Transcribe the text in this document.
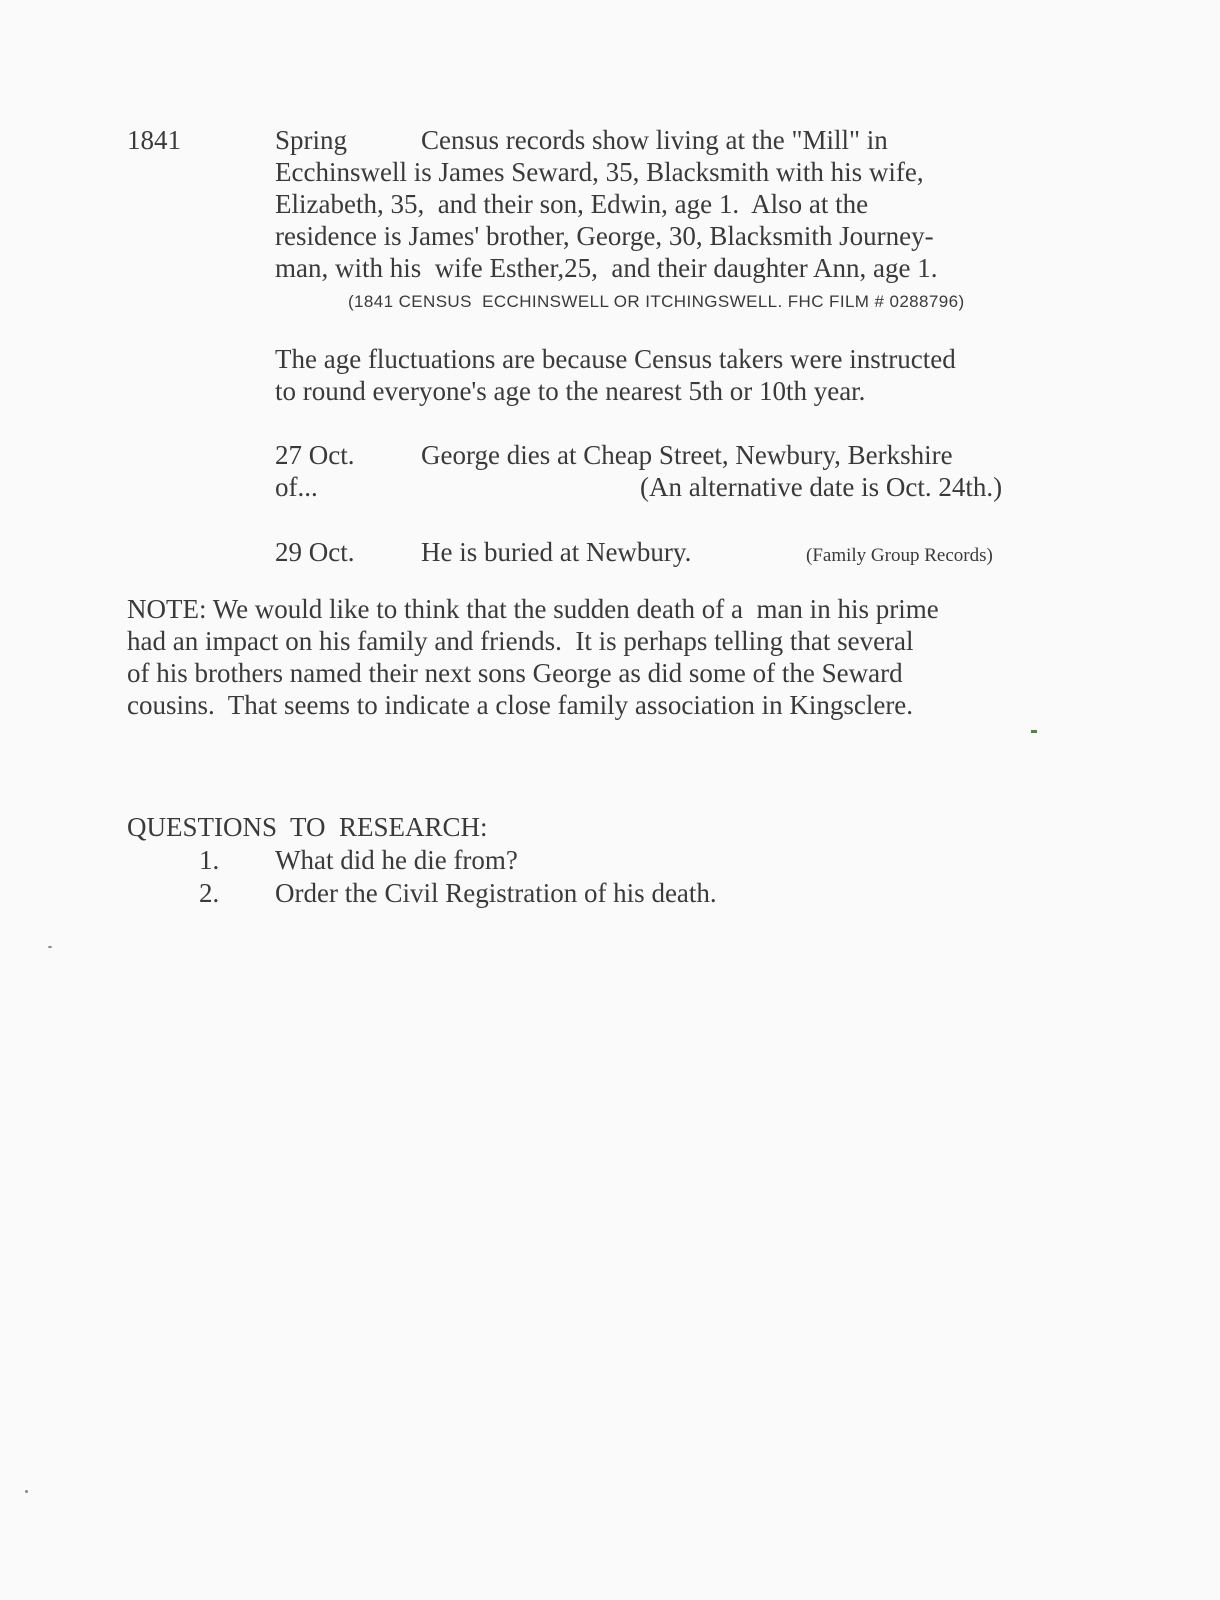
1841	Spring	Census records show living at the "Mill" in
Ecchinswell is James Seward, 35, Blacksmith with his wife,
Elizabeth, 35,  and their son, Edwin, age 1.  Also at the
residence is James' brother, George, 30, Blacksmith Journey-
man, with his  wife Esther,25,  and their daughter Ann, age 1.
(1841 CENSUS  ECCHINSWELL OR ITCHINGSWELL. FHC FILM # 0288796)
The age fluctuations are because Census takers were instructed
to round everyone's age to the nearest 5th or 10th year.
27 Oct. George dies at Cheap Street, Newbury, Berkshire
of...	(An alternative date is Oct. 24th.)
29 Oct. He is buried at Newbury.	(Family Group Records)
NOTE: We would like to think that the sudden death of a  man in his prime
had an impact on his family and friends.  It is perhaps telling that several
of his brothers named their next sons George as did some of the Seward
cousins.  That seems to indicate a close family association in Kingsclere.
QUESTIONS  TO  RESEARCH:
1. What did he die from?
2. Order the Civil Registration of his death.
